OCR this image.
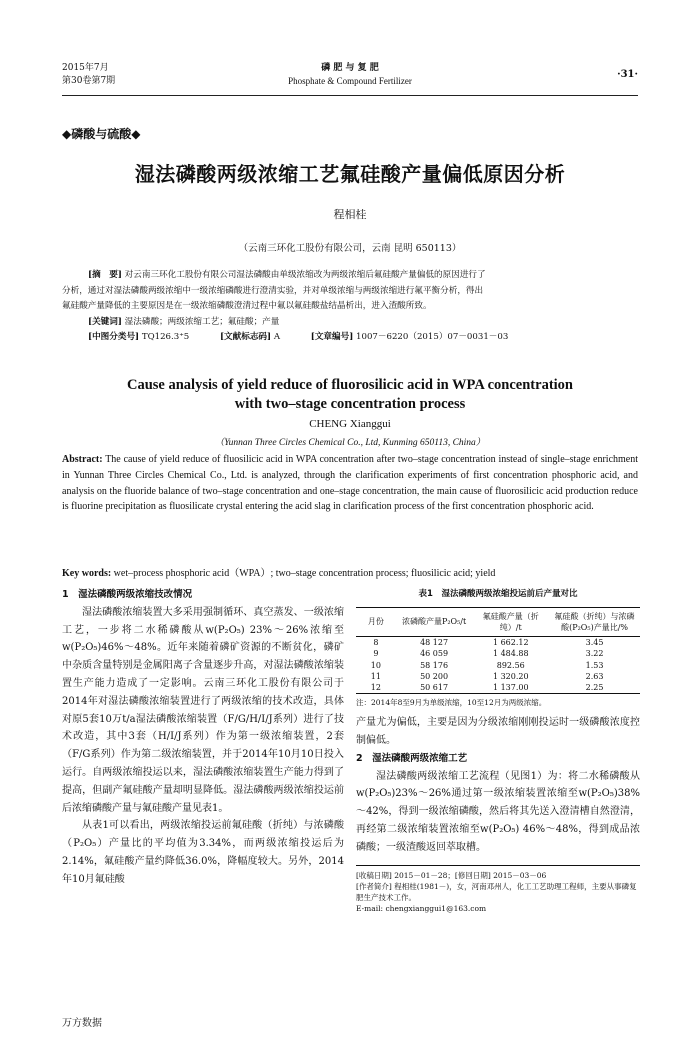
2015年7月
第30卷第7期
磷 肥 与 复 肥
Phosphate & Compound Fertilizer
·31·
◆磷酸与硫酸◆
湿法磷酸两级浓缩工艺氟硅酸产量偏低原因分析
程相桂
（云南三环化工股份有限公司，云南 昆明 650113）
[摘　要] 对云南三环化工股份有限公司湿法磷酸由单级浓缩改为两级浓缩后氟硅酸产量偏低的原因进行了
分析，通过对湿法磷酸两级浓缩中一级浓缩磷酸进行澄清实验，并对单级浓缩与两级浓缩进行氟平衡分析，得出
氟硅酸产量降低的主要原因是在一级浓缩磷酸澄清过程中氟以氟硅酸盐结晶析出，进入渣酸所致。
[关键词] 湿法磷酸；两级浓缩工艺；氟硅酸；产量
[中图分类号] TQ126.3⁺5	[文献标志码] A	[文章编号] 1007－6220（2015）07－0031－03
Cause analysis of yield reduce of fluorosilicic acid in WPA concentration
with two–stage concentration process
CHENG Xianggui
（Yunnan Three Circles Chemical Co., Ltd, Kunming 650113, China）
Abstract: The cause of yield reduce of fluosilicic acid in WPA concentration after two–stage concentration instead of single–stage enrichment in Yunnan Three Circles Chemical Co., Ltd. is analyzed, through the clarification experiments of first concentration phosphoric acid, and analysis on the fluoride balance of two–stage concentration and one–stage concentration, the main cause of fluorosilicic acid production reduce is fluorine precipitation as fluosilicate crystal entering the acid slag in clarification process of the first concentration phosphoric acid.
Key words: wet–process phosphoric acid（WPA）; two–stage concentration process; fluosilicic acid; yield
1　湿法磷酸两级浓缩技改情况

湿法磷酸浓缩装置大多采用强制循环、真空蒸发、一级浓缩工艺，一步将二水稀磷酸从w(P₂O₅) 23%～26%浓缩至w(P₂O₅)46%～48%。近年来随着磷矿资源的不断贫化，磷矿中杂质含量特别是金属阳离子含量逐步升高，对湿法磷酸浓缩装置生产能力造成了一定影响。云南三环化工股份有限公司于2014年对湿法磷酸浓缩装置进行了两级浓缩的技术改造，具体对原5套10万t/a湿法磷酸浓缩装置（F/G/H/I/J系列）进行了技术改造，其中3套（H/I/J系列）作为第一级浓缩装置，2套（F/G系列）作为第二级浓缩装置，并于2014年10月10日投入运行。自两级浓缩投运以来，湿法磷酸浓缩装置生产能力得到了提高，但副产氟硅酸产量却明显降低。湿法磷酸两级浓缩投运前后浓缩磷酸产量与氟硅酸产量见表1。

从表1可以看出，两级浓缩投运前氟硅酸（折纯）与浓磷酸（P₂O₅）产量比的平均值为3.34%，而两级浓缩投运后为2.14%，氟硅酸产量约降低36.0%，降幅度较大。另外，2014年10月氟硅酸

表1　湿法磷酸两级浓缩投运前后产量对比
月份	浓磷酸产量P₂O₅/t	氟硅酸产量（折纯）/t	氟硅酸（折纯）与浓磷酸(P₂O₅)产量比/%
8	48 127	1 662.12	3.45
9	46 059	1 484.88	3.22
10	58 176	892.56	1.53
11	50 200	1 320.20	2.63
12	50 617	1 137.00	2.25
注：2014年8至9月为单级浓缩，10至12月为两级浓缩。

产量尤为偏低，主要是因为分级浓缩刚刚投运时一级磷酸浓度控制偏低。

2　湿法磷酸两级浓缩工艺

湿法磷酸两级浓缩工艺流程（见图1）为：将二水稀磷酸从w(P₂O₅)23%～26%通过第一级浓缩装置浓缩至w(P₂O₅)38%～42%，得到一级浓缩磷酸，然后将其先送入澄清槽自然澄清，再经第二级浓缩装置浓缩至w(P₂O₅) 46%～48%，得到成品浓磷酸；一级渣酸返回萃取槽。

[收稿日期] 2015－01－28；[修回日期] 2015－03－06
[作者简介] 程相桂(1981－)，女，河南邓州人，化工工艺助理工程师，主要从事磷复肥生产技术工作。
E-mail: chengxianggui1@163.com
万方数据
